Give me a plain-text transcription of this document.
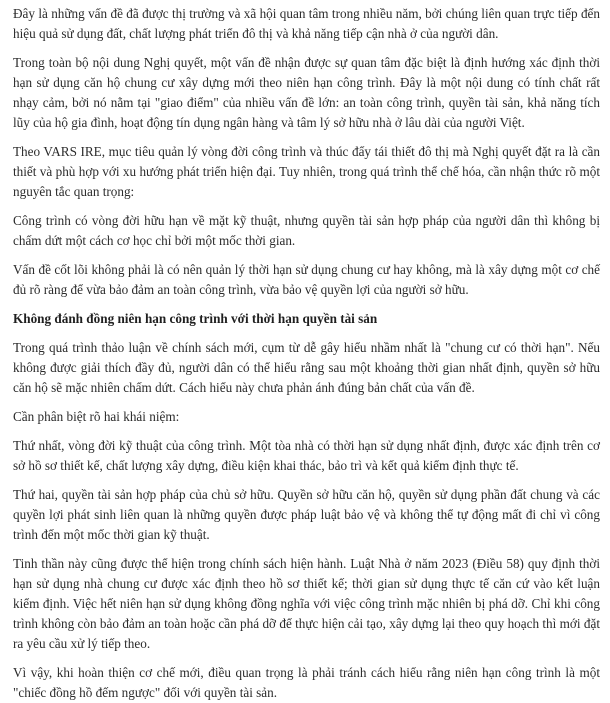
Đây là những vấn đề đã được thị trường và xã hội quan tâm trong nhiều năm, bởi chúng liên quan trực tiếp đến hiệu quả sử dụng đất, chất lượng phát triển đô thị và khả năng tiếp cận nhà ở của người dân.

Trong toàn bộ nội dung Nghị quyết, một vấn đề nhận được sự quan tâm đặc biệt là định hướng xác định thời hạn sử dụng căn hộ chung cư xây dựng mới theo niên hạn công trình. Đây là một nội dung có tính chất rất nhạy cảm, bởi nó nằm tại "giao điểm" của nhiều vấn đề lớn: an toàn công trình, quyền tài sản, khả năng tích lũy của hộ gia đình, hoạt động tín dụng ngân hàng và tâm lý sở hữu nhà ở lâu dài của người Việt.

Theo VARS IRE, mục tiêu quản lý vòng đời công trình và thúc đẩy tái thiết đô thị mà Nghị quyết đặt ra là cần thiết và phù hợp với xu hướng phát triển hiện đại. Tuy nhiên, trong quá trình thể chế hóa, cần nhận thức rõ một nguyên tắc quan trọng:

Công trình có vòng đời hữu hạn về mặt kỹ thuật, nhưng quyền tài sản hợp pháp của người dân thì không bị chấm dứt một cách cơ học chỉ bởi một mốc thời gian.

Vấn đề cốt lõi không phải là có nên quản lý thời hạn sử dụng chung cư hay không, mà là xây dựng một cơ chế đủ rõ ràng để vừa bảo đảm an toàn công trình, vừa bảo vệ quyền lợi của người sở hữu.

Không đánh đồng niên hạn công trình với thời hạn quyền tài sản

Trong quá trình thảo luận về chính sách mới, cụm từ dễ gây hiểu nhầm nhất là "chung cư có thời hạn". Nếu không được giải thích đầy đủ, người dân có thể hiểu rằng sau một khoảng thời gian nhất định, quyền sở hữu căn hộ sẽ mặc nhiên chấm dứt. Cách hiểu này chưa phản ánh đúng bản chất của vấn đề.

Cần phân biệt rõ hai khái niệm:

Thứ nhất, vòng đời kỹ thuật của công trình. Một tòa nhà có thời hạn sử dụng nhất định, được xác định trên cơ sở hồ sơ thiết kế, chất lượng xây dựng, điều kiện khai thác, bảo trì và kết quả kiểm định thực tế.

Thứ hai, quyền tài sản hợp pháp của chủ sở hữu. Quyền sở hữu căn hộ, quyền sử dụng phần đất chung và các quyền lợi phát sinh liên quan là những quyền được pháp luật bảo vệ và không thể tự động mất đi chỉ vì công trình đến một mốc thời gian kỹ thuật.

Tinh thần này cũng được thể hiện trong chính sách hiện hành. Luật Nhà ở năm 2023 (Điều 58) quy định thời hạn sử dụng nhà chung cư được xác định theo hồ sơ thiết kế; thời gian sử dụng thực tế căn cứ vào kết luận kiểm định. Việc hết niên hạn sử dụng không đồng nghĩa với việc công trình mặc nhiên bị phá dỡ. Chỉ khi công trình không còn bảo đảm an toàn hoặc cần phá dỡ để thực hiện cải tạo, xây dựng lại theo quy hoạch thì mới đặt ra yêu cầu xử lý tiếp theo.

Vì vậy, khi hoàn thiện cơ chế mới, điều quan trọng là phải tránh cách hiểu rằng niên hạn công trình là một "chiếc đồng hồ đếm ngược" đối với quyền tài sản.
